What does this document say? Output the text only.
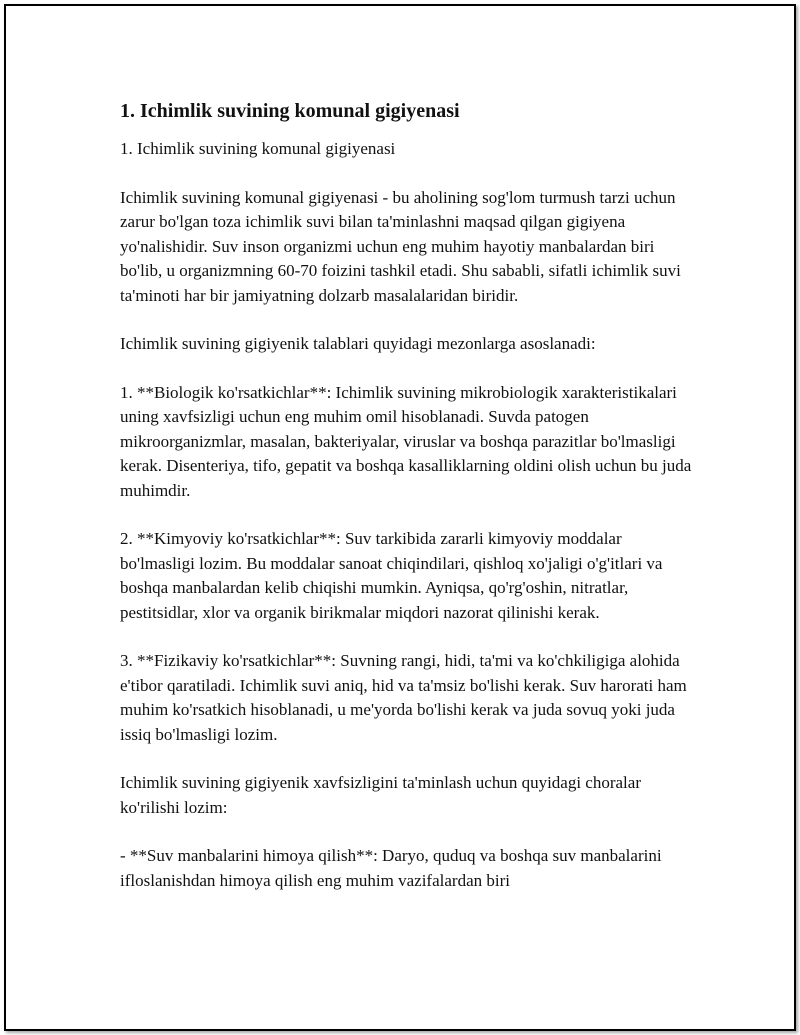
1. Ichimlik suvining komunal gigiyenasi

1. Ichimlik suvining komunal gigiyenasi

Ichimlik suvining komunal gigiyenasi - bu aholining sog'lom turmush tarzi uchun zarur bo'lgan toza ichimlik suvi bilan ta'minlashni maqsad qilgan gigiyena yo'nalishidir. Suv inson organizmi uchun eng muhim hayotiy manbalardan biri bo'lib, u organizmning 60-70 foizini tashkil etadi. Shu sababli, sifatli ichimlik suvi ta'minoti har bir jamiyatning dolzarb masalalaridan biridir.

Ichimlik suvining gigiyenik talablari quyidagi mezonlarga asoslanadi:

1. **Biologik ko'rsatkichlar**: Ichimlik suvining mikrobiologik xarakteristikalari uning xavfsizligi uchun eng muhim omil hisoblanadi. Suvda patogen mikroorganizmlar, masalan, bakteriyalar, viruslar va boshqa parazitlar bo'lmasligi kerak. Disenteriya, tifo, gepatit va boshqa kasalliklarning oldini olish uchun bu juda muhimdir.

2. **Kimyoviy ko'rsatkichlar**: Suv tarkibida zararli kimyoviy moddalar bo'lmasligi lozim. Bu moddalar sanoat chiqindilari, qishloq xo'jaligi o'g'itlari va boshqa manbalardan kelib chiqishi mumkin. Ayniqsa, qo'rg'oshin, nitratlar, pestitsidlar, xlor va organik birikmalar miqdori nazorat qilinishi kerak.

3. **Fizikaviy ko'rsatkichlar**: Suvning rangi, hidi, ta'mi va ko'chkiligiga alohida e'tibor qaratiladi. Ichimlik suvi aniq, hid va ta'msiz bo'lishi kerak. Suv harorati ham muhim ko'rsatkich hisoblanadi, u me'yorda bo'lishi kerak va juda sovuq yoki juda issiq bo'lmasligi lozim.

Ichimlik suvining gigiyenik xavfsizligini ta'minlash uchun quyidagi choralar ko'rilishi lozim:

- **Suv manbalarini himoya qilish**: Daryo, quduq va boshqa suv manbalarini ifloslanishdan himoya qilish eng muhim vazifalardan biri
